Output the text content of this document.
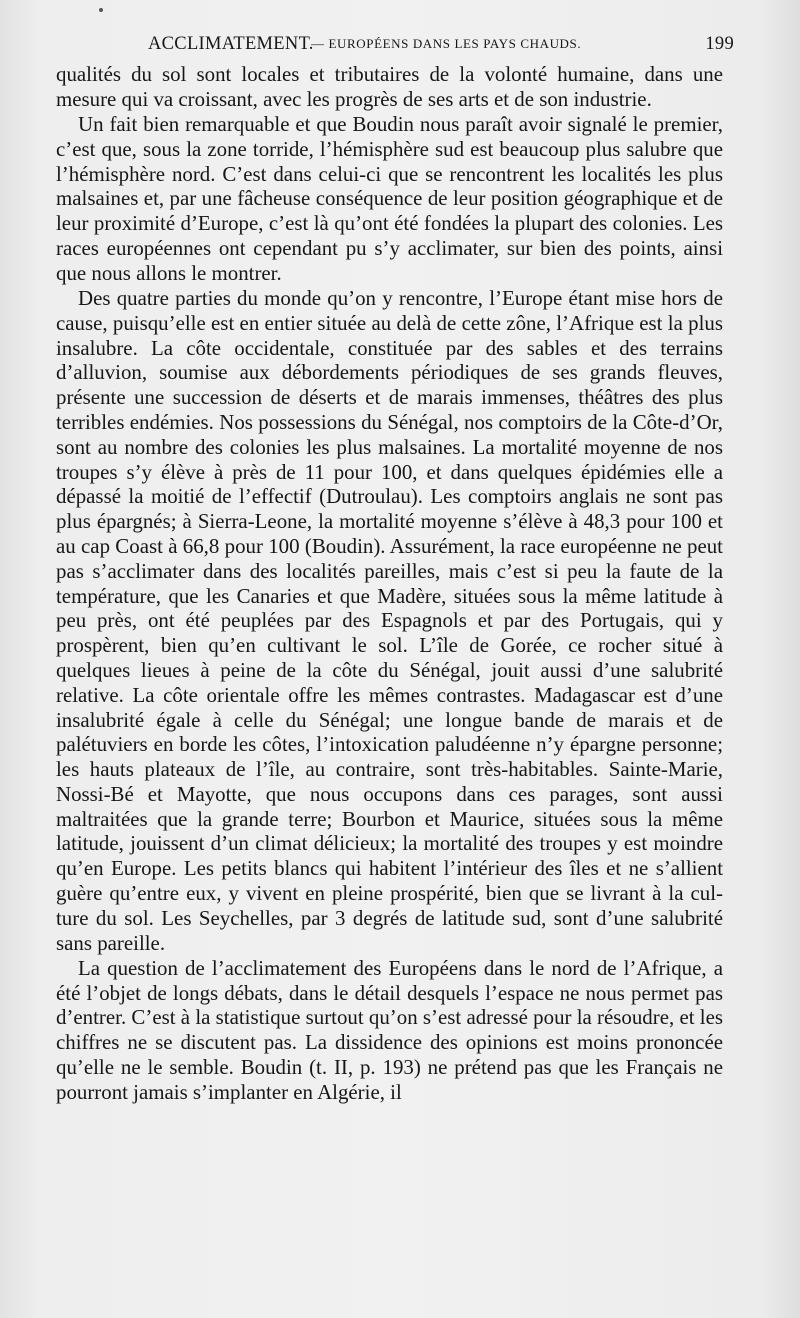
ACCLIMATEMENT.
— EUROPÉENS DANS LES PAYS CHAUDS.	199

qualités du sol sont locales et tributaires de la volonté humaine, dans une mesure qui va croissant, avec les progrès de ses arts et de son industrie.

Un fait bien remarquable et que Boudin nous paraît avoir signalé le premier, c’est que, sous la zone torride, l’hémisphère sud est beaucoup plus salubre que l’hémisphère nord. C’est dans celui-ci que se rencontrent les localités les plus malsaines et, par une fâcheuse conséquence de leur position géographique et de leur proximité d’Europe, c’est là qu’ont été fondées la plupart des colonies. Les races européennes ont cependant pu s’y acclimater, sur bien des points, ainsi que nous allons le montrer.

Des quatre parties du monde qu’on y rencontre, l’Europe étant mise hors de cause, puisqu’elle est en entier située au delà de cette zône, l’Afrique est la plus insalubre. La côte occidentale, constituée par des sables et des terrains d’alluvion, soumise aux débordements périodiques de ses grands fleuves, présente une succession de déserts et de marais immenses, théâtres des plus terribles endémies. Nos possessions du Sénégal, nos comptoirs de la Côte-d’Or, sont au nombre des colonies les plus malsaines. La mortalité moyenne de nos troupes s’y élève à près de 11 pour 100, et dans quelques épidémies elle a dépassé la moitié de l’effectif (Dutroulau). Les comptoirs anglais ne sont pas plus épargnés; à Sierra-Leone, la mortalité moyenne s’élève à 48,3 pour 100 et au cap Coast à 66,8 pour 100 (Boudin). Assurément, la race européenne ne peut pas s’acclimater dans des localités pareilles, mais c’est si peu la faute de la température, que les Canaries et que Madère, situées sous la même latitude à peu près, ont été peuplées par des Espagnols et par des Portugais, qui y prospèrent, bien qu’en cultivant le sol. L’île de Gorée, ce rocher situé à quelques lieues à peine de la côte du Sénégal, jouit aussi d’une salubrité relative. La côte orientale offre les mêmes contrastes. Madagascar est d’une insalubrité égale à celle du Sénégal; une longue bande de marais et de palétuviers en borde les côtes, l’intoxication paludéenne n’y épargne personne; les hauts plateaux de l’île, au contraire, sont très-habitables. Sainte-Marie, Nossi-Bé et Mayotte, que nous occupons dans ces parages, sont aussi maltraitées que la grande terre; Bourbon et Maurice, situées sous la même latitude, jouissent d’un climat délicieux; la mortalité des troupes y est moindre qu’en Europe. Les petits blancs qui habitent l’intérieur des îles et ne s’allient guère qu’entre eux, y vivent en pleine prospérité, bien que se livrant à la culture du sol. Les Seychelles, par 3 degrés de latitude sud, sont d’une salubrité sans pareille.

La question de l’acclimatement des Européens dans le nord de l’Afrique, a été l’objet de longs débats, dans le détail desquels l’espace ne nous permet pas d’entrer. C’est à la statistique surtout qu’on s’est adressé pour la résoudre, et les chiffres ne se discutent pas. La dissidence des opinions est moins prononcée qu’elle ne le semble. Boudin (t. II, p. 193) ne prétend pas que les Français ne pourront jamais s’implanter en Algérie, il
